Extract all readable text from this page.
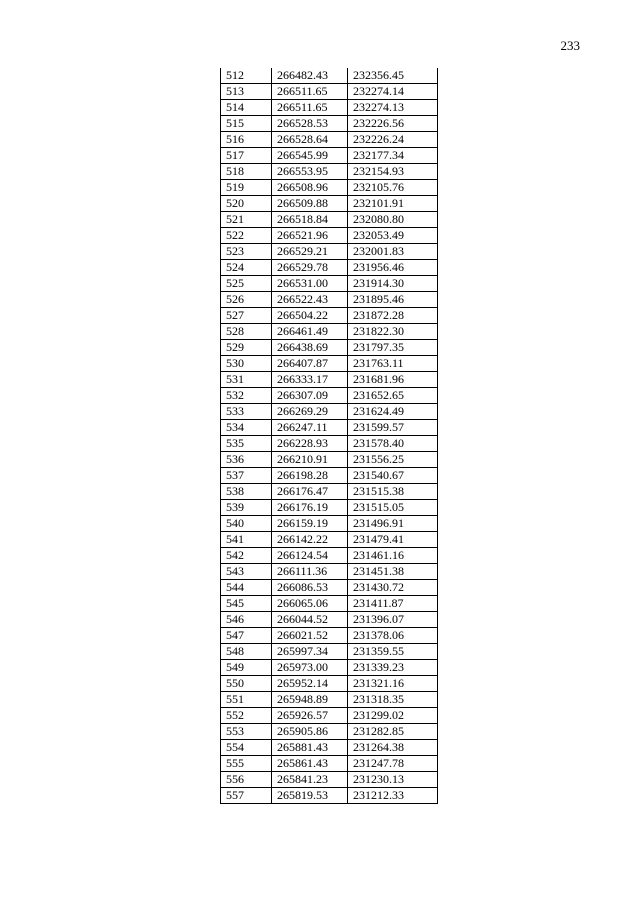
233
512	266482.43	232356.45
513	266511.65	232274.14
514	266511.65	232274.13
515	266528.53	232226.56
516	266528.64	232226.24
517	266545.99	232177.34
518	266553.95	232154.93
519	266508.96	232105.76
520	266509.88	232101.91
521	266518.84	232080.80
522	266521.96	232053.49
523	266529.21	232001.83
524	266529.78	231956.46
525	266531.00	231914.30
526	266522.43	231895.46
527	266504.22	231872.28
528	266461.49	231822.30
529	266438.69	231797.35
530	266407.87	231763.11
531	266333.17	231681.96
532	266307.09	231652.65
533	266269.29	231624.49
534	266247.11	231599.57
535	266228.93	231578.40
536	266210.91	231556.25
537	266198.28	231540.67
538	266176.47	231515.38
539	266176.19	231515.05
540	266159.19	231496.91
541	266142.22	231479.41
542	266124.54	231461.16
543	266111.36	231451.38
544	266086.53	231430.72
545	266065.06	231411.87
546	266044.52	231396.07
547	266021.52	231378.06
548	265997.34	231359.55
549	265973.00	231339.23
550	265952.14	231321.16
551	265948.89	231318.35
552	265926.57	231299.02
553	265905.86	231282.85
554	265881.43	231264.38
555	265861.43	231247.78
556	265841.23	231230.13
557	265819.53	231212.33
